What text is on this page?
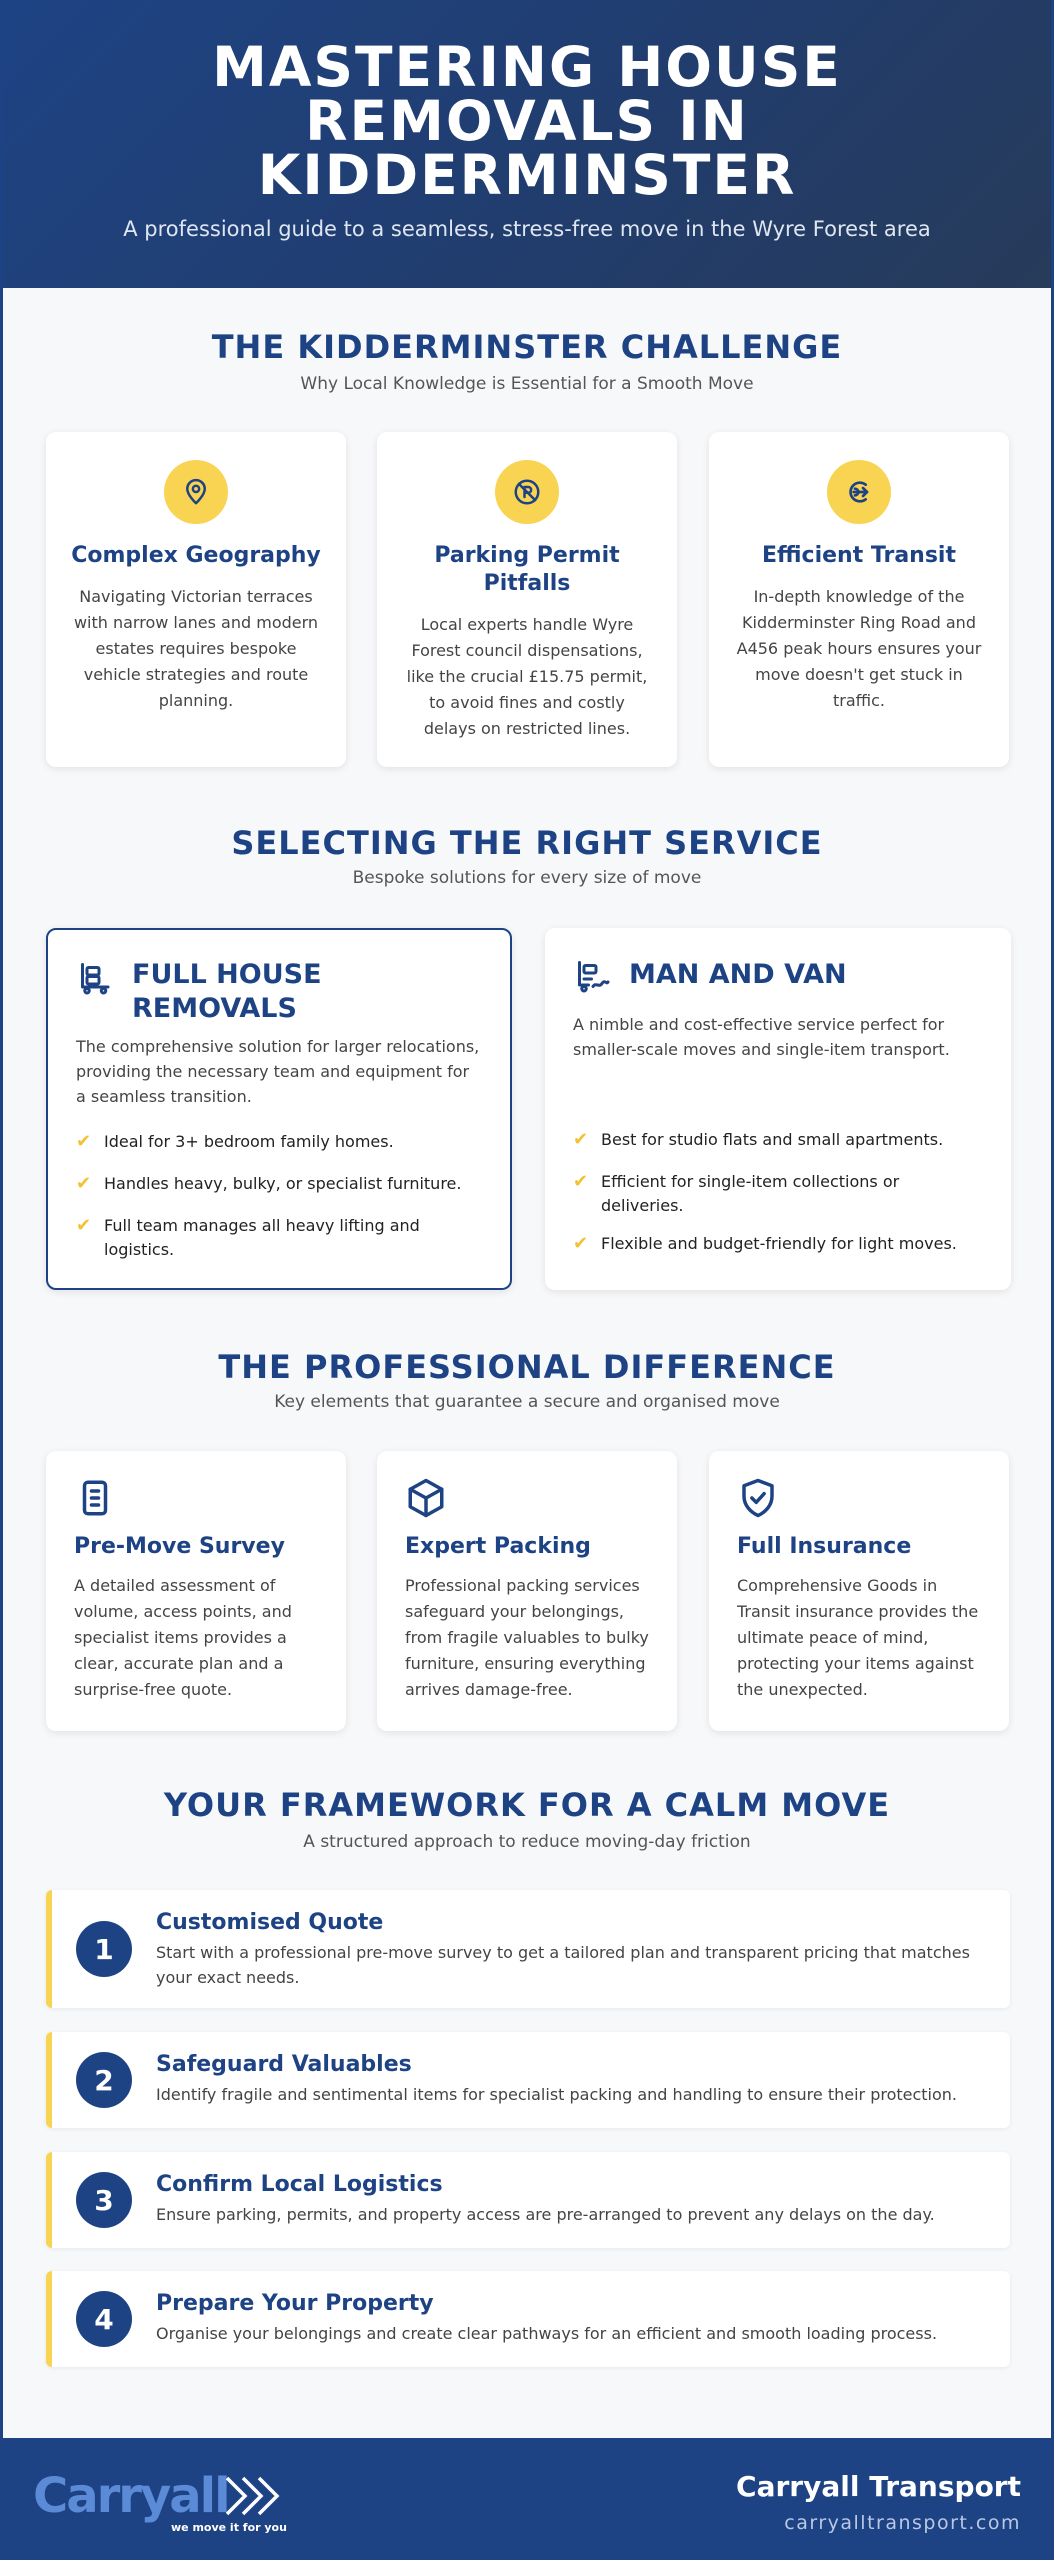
MASTERING HOUSE
REMOVALS IN
KIDDERMINSTER
A professional guide to a seamless, stress-free move in the Wyre Forest area
THE KIDDERMINSTER CHALLENGE
Why Local Knowledge is Essential for a Smooth Move
Complex Geography
Navigating Victorian terraces with narrow lanes and modern estates requires bespoke vehicle strategies and route planning.
Parking Permit Pitfalls
Local experts handle Wyre Forest council dispensations, like the crucial £15.75 permit, to avoid fines and costly delays on restricted lines.
Efficient Transit
In-depth knowledge of the Kidderminster Ring Road and A456 peak hours ensures your move doesn't get stuck in traffic.
SELECTING THE RIGHT SERVICE
Bespoke solutions for every size of move
FULL HOUSE REMOVALS
The comprehensive solution for larger relocations, providing the necessary team and equipment for a seamless transition.
✔ Ideal for 3+ bedroom family homes.
✔ Handles heavy, bulky, or specialist furniture.
✔ Full team manages all heavy lifting and logistics.
MAN AND VAN
A nimble and cost-effective service perfect for smaller-scale moves and single-item transport.
✔ Best for studio flats and small apartments.
✔ Efficient for single-item collections or deliveries.
✔ Flexible and budget-friendly for light moves.
THE PROFESSIONAL DIFFERENCE
Key elements that guarantee a secure and organised move
Pre-Move Survey
A detailed assessment of volume, access points, and specialist items provides a clear, accurate plan and a surprise-free quote.
Expert Packing
Professional packing services safeguard your belongings, from fragile valuables to bulky furniture, ensuring everything arrives damage-free.
Full Insurance
Comprehensive Goods in Transit insurance provides the ultimate peace of mind, protecting your items against the unexpected.
YOUR FRAMEWORK FOR A CALM MOVE
A structured approach to reduce moving-day friction
1
Customised Quote
Start with a professional pre-move survey to get a tailored plan and transparent pricing that matches your exact needs.
2	Safeguard Valuables
Identify fragile and sentimental items for specialist packing and handling to ensure their protection.
3	Confirm Local Logistics
Ensure parking, permits, and property access are pre-arranged to prevent any delays on the day.
4	Prepare Your Property
Organise your belongings and create clear pathways for an efficient and smooth loading process.
Carryall
we move it for you
Carryall Transport
carryalltransport.com
